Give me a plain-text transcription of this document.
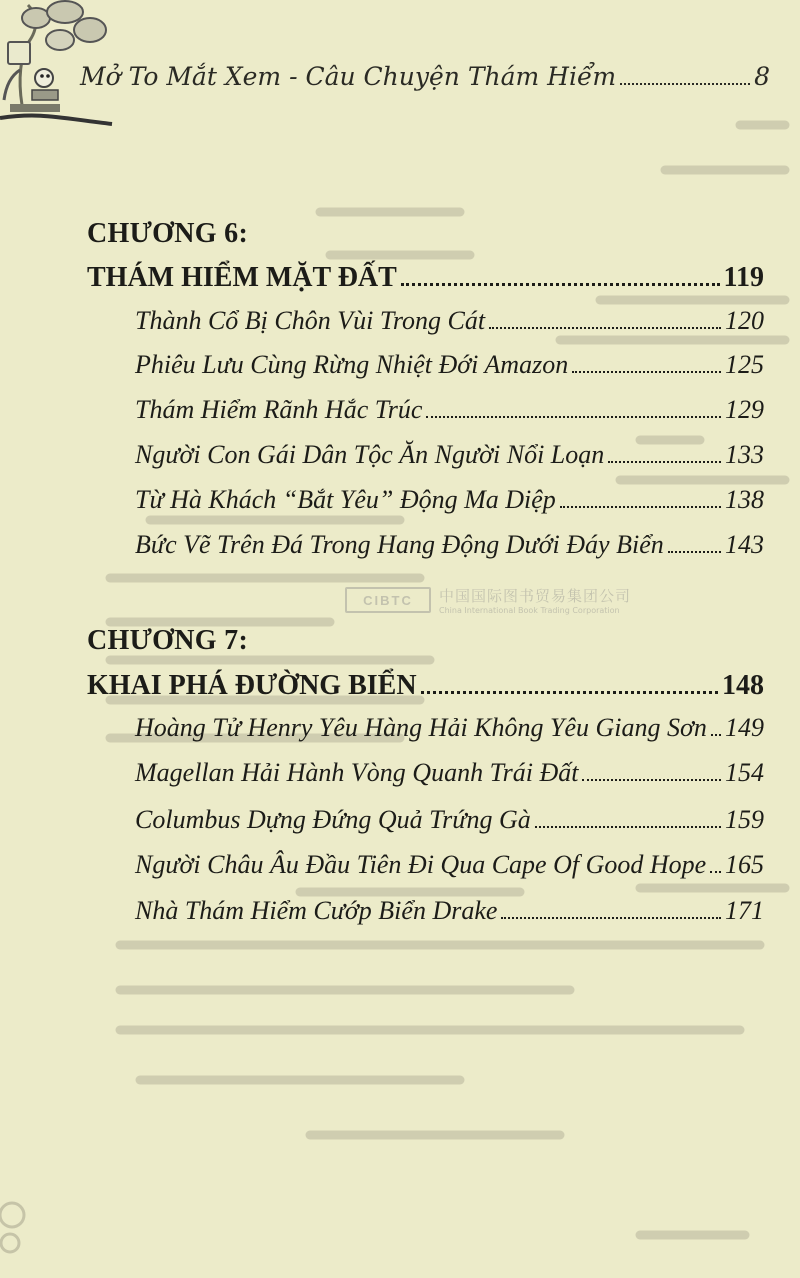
Mở To Mắt Xem - Câu Chuyện Thám Hiểm	8
CHƯƠNG 6:
THÁM HIỂM MẶT ĐẤT	119
Thành Cổ Bị Chôn Vùi Trong Cát	120
Phiêu Lưu Cùng Rừng Nhiệt Đới Amazon	125
Thám Hiểm Rãnh Hắc Trúc	129
Người Con Gái Dân Tộc Ăn Người Nổi Loạn	133
Từ Hà Khách “Bắt Yêu” Động Ma Diệp	138
Bức Vẽ Trên Đá Trong Hang Động Dưới Đáy Biển 143
CIBTC	中国国际图书贸易集团公司
China International Book Trading Corporation
CHƯƠNG 7:
KHAI PHÁ ĐƯỜNG BIỂN	148
Hoàng Tử Henry Yêu Hàng Hải Không Yêu Giang Sơn 149
Magellan Hải Hành Vòng Quanh Trái Đất	154
Columbus Dựng Đứng Quả Trứng Gà	159
Người Châu Âu Đầu Tiên Đi Qua Cape Of Good Hope 165
Nhà Thám Hiểm Cướp Biển Drake	171
